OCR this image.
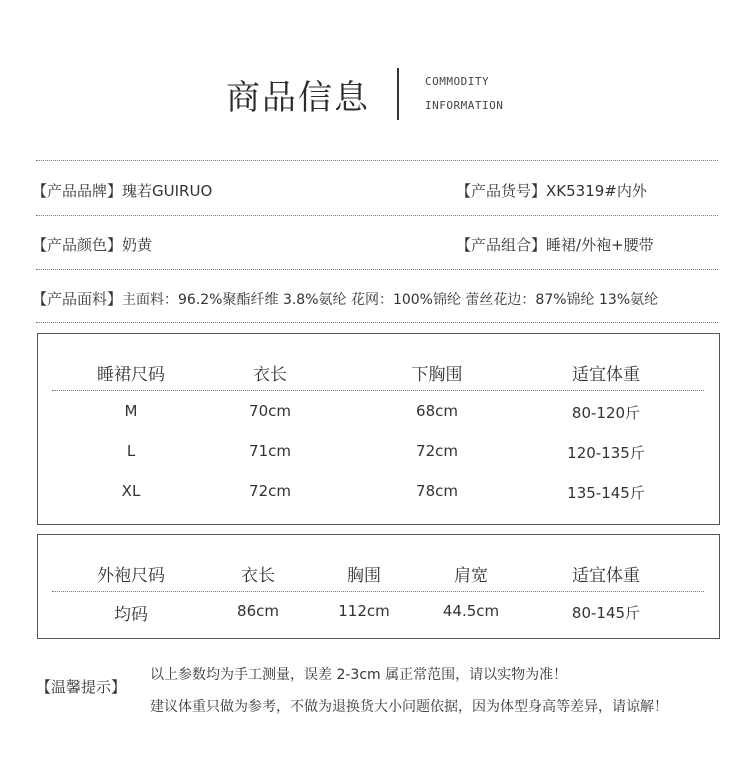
商品信息	COMMODITY
INFORMATION
【产品品牌】瑰若GUIRUO	【产品货号】XK5319#内外
【产品颜色】奶黄	【产品组合】睡裙/外袍+腰带
【产品面料】主面料：96.2%聚酯纤维 3.8%氨纶 花网：100%锦纶 蕾丝花边：87%锦纶 13%氨纶
睡裙尺码	衣长	下胸围	适宜体重
M	70cm	68cm	80-120斤
L	71cm	72cm	120-135斤
XL	72cm	78cm	135-145斤
外袍尺码	衣长	胸围	肩宽	适宜体重
均码	86cm	112cm	44.5cm	80-145斤
【温馨提示】
以上参数均为手工测量，误差 2-3cm 属正常范围，请以实物为准！
建议体重只做为参考，不做为退换货大小问题依据，因为体型身高等差异，请谅解！
